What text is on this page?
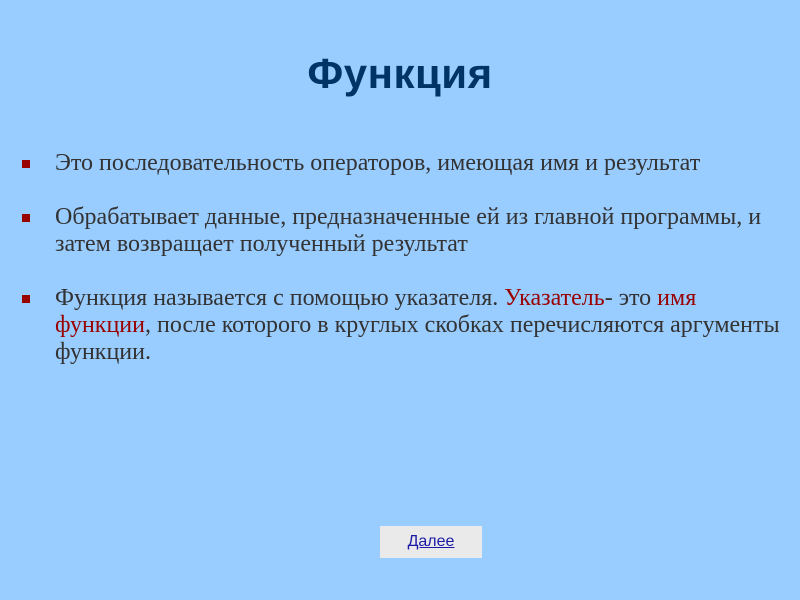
Функция
Это последовательность операторов, имеющая имя и результат
Обрабатывает данные, предназначенные ей из главной программы, и затем возвращает полученный результат
Функция называется с помощью указателя. Указатель- это имя функции, после которого в круглых скобках перечисляются аргументы функции.
Далее
